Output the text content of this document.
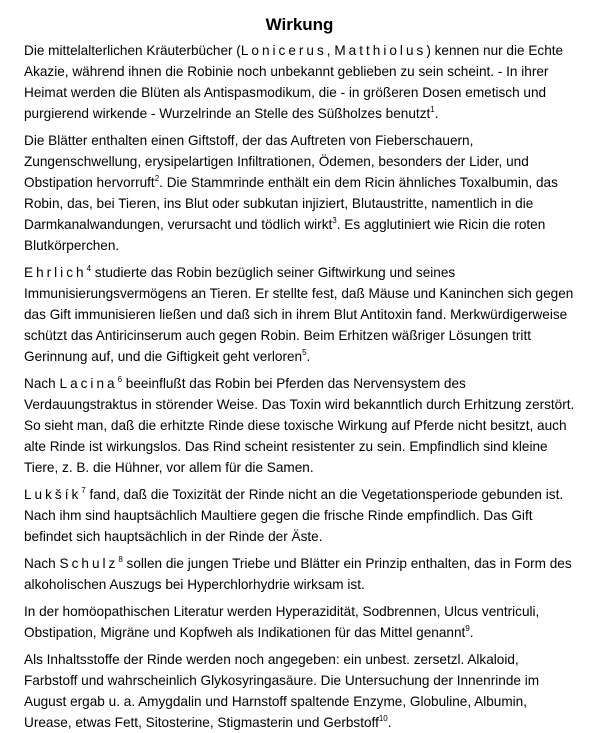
Wirkung

Die mittelalterlichen Kräuterbücher (Lonicerus, Matthiolus) kennen nur die Echte Akazie, während ihnen die Robinie noch unbekannt geblieben zu sein scheint. - In ihrer Heimat werden die Blüten als Antispasmodikum, die - in größeren Dosen emetisch und purgierend wirkende - Wurzelrinde an Stelle des Süßholzes benutzt$^1$.

Die Blätter enthalten einen Giftstoff, der das Auftreten von Fieberschauern, Zungenschwellung, erysipelartigen Infiltrationen, Ödemen, besonders der Lider, und Obstipation hervorruft$^2$. Die Stammrinde enthält ein dem Ricin ähnliches Toxalbumin, das Robin, das, bei Tieren, ins Blut oder subkutan injiziert, Blutaustritte, namentlich in die Darmkanalwandungen, verursacht und tödlich wirkt$^3$. Es agglutiniert wie Ricin die roten Blutkörperchen.

Ehrlich$^4$ studierte das Robin bezüglich seiner Giftwirkung und seines Immunisierungsvermögens an Tieren. Er stellte fest, daß Mäuse und Kaninchen sich gegen das Gift immunisieren ließen und daß sich in ihrem Blut Antitoxin fand. Merkwürdigerweise schützt das Antiricinserum auch gegen Robin. Beim Erhitzen wäßriger Lösungen tritt Gerinnung auf, und die Giftigkeit geht verloren$^5$.

Nach Lacina$^6$ beeinflußt das Robin bei Pferden das Nervensystem des Verdauungstraktus in störender Weise. Das Toxin wird bekanntlich durch Erhitzung zerstört. So sieht man, daß die erhitzte Rinde diese toxische Wirkung auf Pferde nicht besitzt, auch alte Rinde ist wirkungslos. Das Rind scheint resistenter zu sein. Empfindlich sind kleine Tiere, z. B. die Hühner, vor allem für die Samen.

Lukšík$^7$ fand, daß die Toxizität der Rinde nicht an die Vegetationsperiode gebunden ist. Nach ihm sind hauptsächlich Maultiere gegen die frische Rinde empfindlich. Das Gift befindet sich hauptsächlich in der Rinde der Äste.

Nach Schulz$^8$ sollen die jungen Triebe und Blätter ein Prinzip enthalten, das in Form des alkoholischen Auszugs bei Hyperchlorhydrie wirksam ist.

In der homöopathischen Literatur werden Hyperazidität, Sodbrennen, Ulcus ventriculi, Obstipation, Migräne und Kopfweh als Indikationen für das Mittel genannt$^9$.

Als Inhaltsstoffe der Rinde werden noch angegeben: ein unbest. zersetzl. Alkaloid, Farbstoff und wahrscheinlich Glykosyringasäure. Die Untersuchung der Innenrinde im August ergab u. a. Amygdalin und Harnstoff spaltende Enzyme, Globuline, Albumin, Urease, etwas Fett, Sitosterine, Stigmasterin und Gerbstoff$^{10}$.
